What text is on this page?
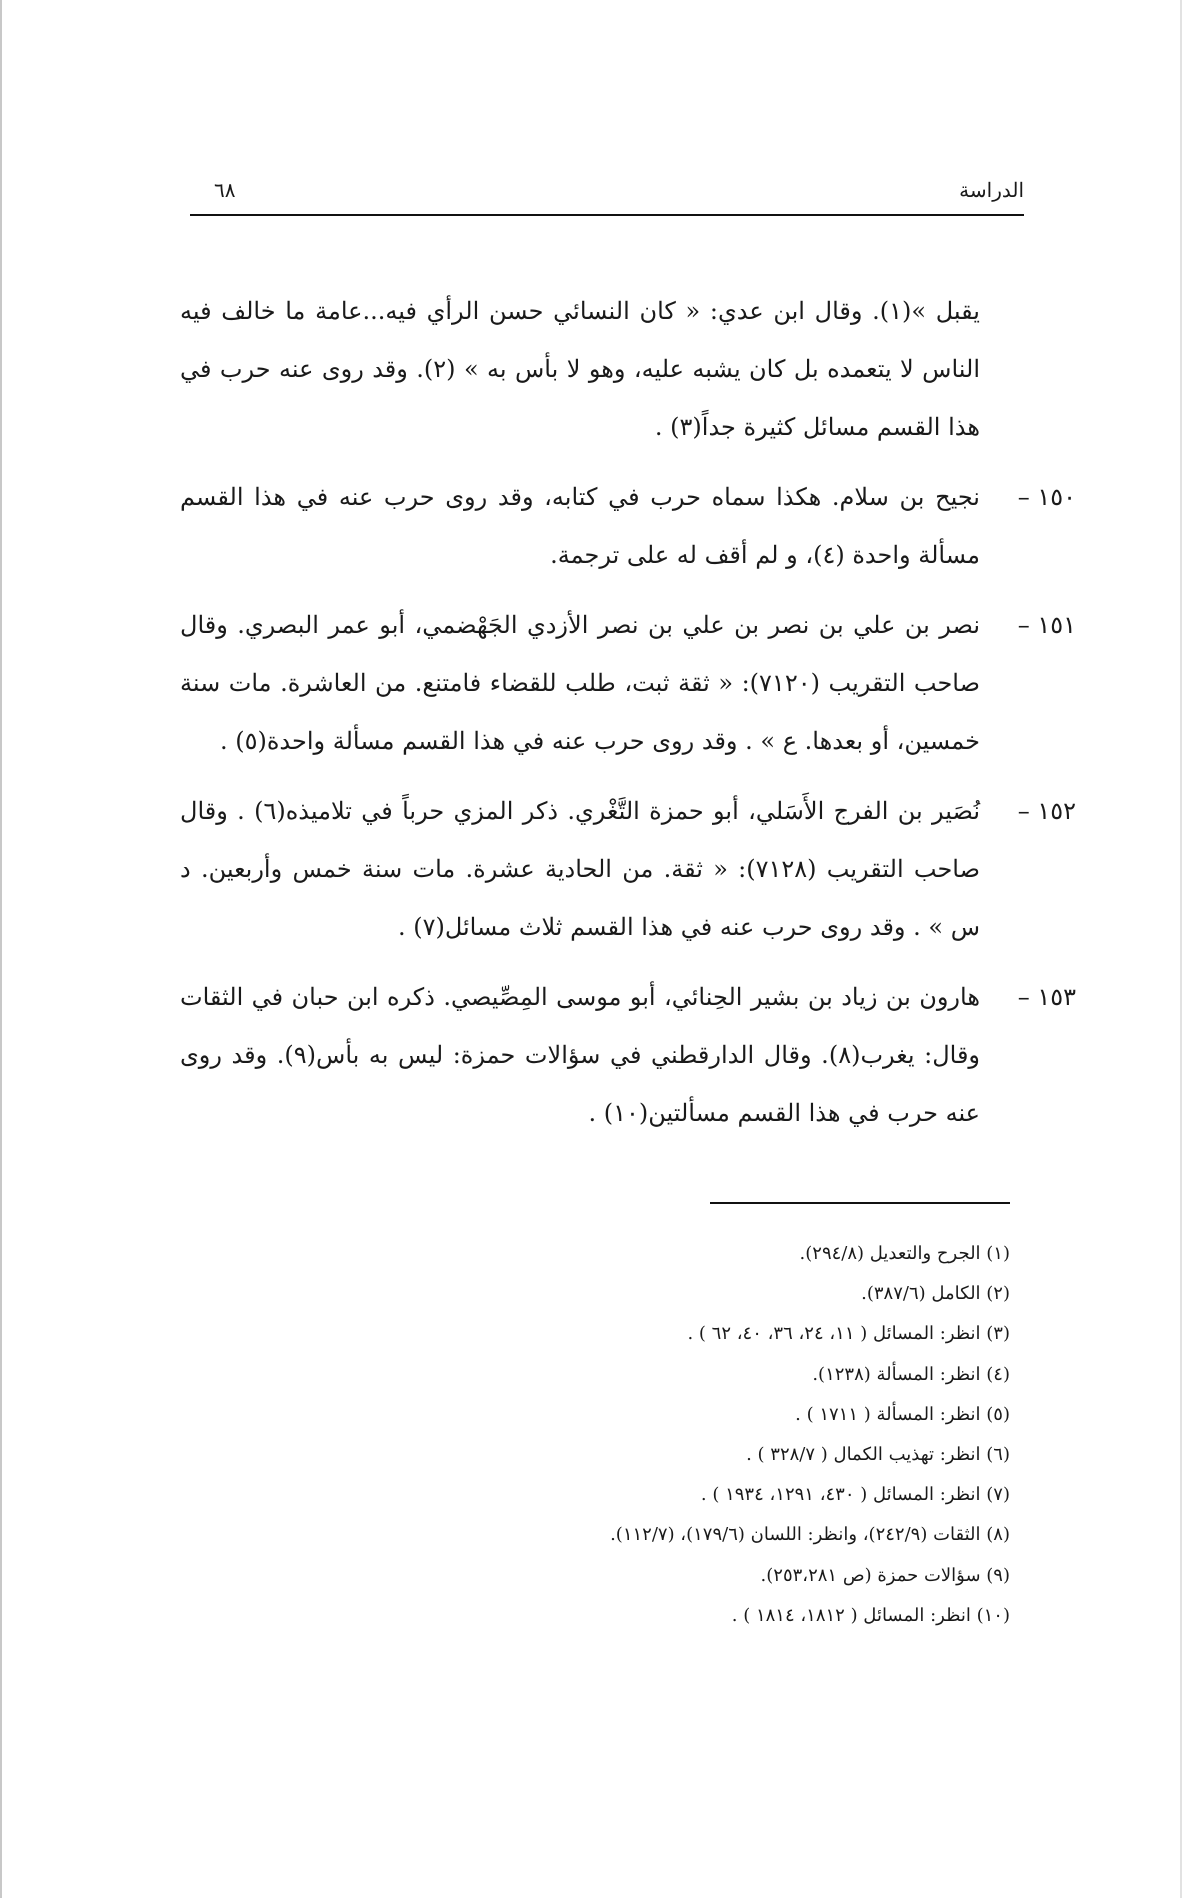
الدراسة
٦٨

يقبل »(١). وقال ابن عدي: « كان النسائي حسن الرأي فيه...عامة ما خالف فيه الناس لا يتعمده بل كان يشبه عليه، وهو لا بأس به » (٢). وقد روى عنه حرب في هذا القسم مسائل كثيرة جداً(٣) .

١٥٠ –
نجيح بن سلام. هكذا سماه حرب في كتابه، وقد روى حرب عنه في هذا القسم مسألة واحدة (٤)، و لم أقف له على ترجمة.
١٥١ –
نصر بن علي بن نصر بن علي بن نصر الأزدي الجَهْضمي، أبو عمر البصري. وقال صاحب التقريب (٧١٢٠): « ثقة ثبت، طلب للقضاء فامتنع. من العاشرة. مات سنة خمسين، أو بعدها. ع » . وقد روى حرب عنه في هذا القسم مسألة واحدة(٥) .
١٥٢ –
نُصَير بن الفرج الأَسَلي، أبو حمزة التَّغْري. ذكر المزي حرباً في تلاميذه(٦) . وقال صاحب التقريب (٧١٢٨): « ثقة. من الحادية عشرة. مات سنة خمس وأربعين. د س » . وقد روى حرب عنه في هذا القسم ثلاث مسائل(٧) .
١٥٣ –
هارون بن زياد بن بشير الحِنائي، أبو موسى المِصِّيصي. ذكره ابن حبان في الثقات وقال: يغرب(٨). وقال الدارقطني في سؤالات حمزة: ليس به بأس(٩). وقد روى عنه حرب في هذا القسم مسألتين(١٠) .
(١) الجرح والتعديل (٢٩٤/٨).
(٢) الكامل (٣٨٧/٦).
(٣) انظر: المسائل ( ١١، ٢٤، ٣٦، ٤٠، ٦٢ ) .
(٤) انظر: المسألة (١٢٣٨).
(٥) انظر: المسألة ( ١٧١١ ) .
(٦) انظر: تهذيب الكمال ( ٣٢٨/٧ ) .
(٧) انظر: المسائل ( ٤٣٠، ١٢٩١، ١٩٣٤ ) .
(٨) الثقات (٢٤٢/٩)، وانظر: اللسان (١٧٩/٦)، (١١٢/٧).
(٩) سؤالات حمزة (ص ٢٥٣،٢٨١).
(١٠) انظر: المسائل ( ١٨١٢، ١٨١٤ ) .
